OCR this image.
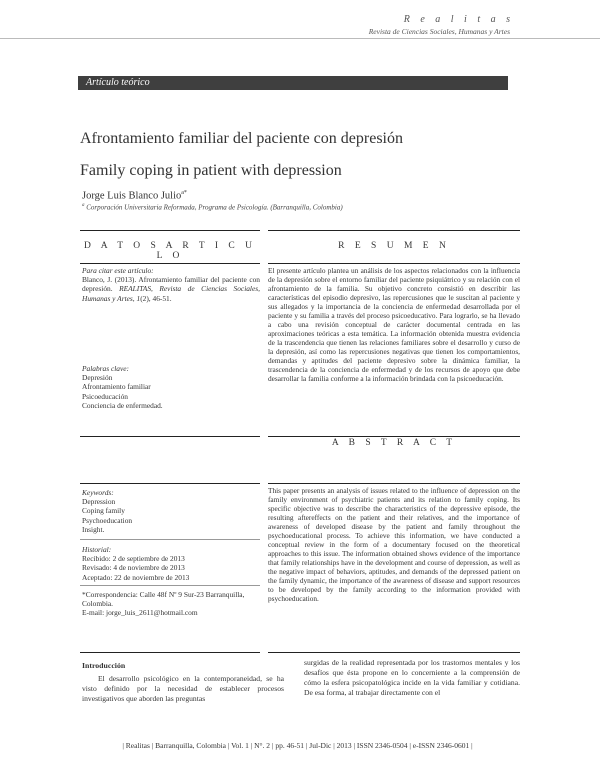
R e a l i t a s
Revista de Ciencias Sociales, Humanas y Artes
Artículo teórico
Afrontamiento familiar del paciente con depresión
Family coping in patient with depression
Jorge Luis Blanco Julio$^{a*}$
$^a$ Corporación Universitaria Reformada, Programa de Psicología. (Barranquilla, Colombia)
D A T O S A R T I C U L O
Para citar este artículo:
Blanco, J. (2013). Afrontamiento familiar del paciente con depresión. REALITAS, Revista de Ciencias Sociales, Humanas y Artes, 1(2), 46-51.
Palabras clave:
Depresión
Afrontamiento familiar
Psicoeducación
Conciencia de enfermedad.
R E S U M E N
El presente artículo plantea un análisis de los aspectos relacionados con la influencia de la depresión sobre el entorno familiar del paciente psiquiátrico y su relación con el afrontamiento de la familia. Su objetivo concreto consistió en describir las características del episodio depresivo, las repercusiones que le suscitan al paciente y sus allegados y la importancia de la conciencia de enfermedad desarrollada por el paciente y su familia a través del proceso psicoeducativo. Para lograrlo, se ha llevado a cabo una revisión conceptual de carácter documental centrada en las aproximaciones teóricas a esta temática. La información obtenida muestra evidencia de la trascendencia que tienen las relaciones familiares sobre el desarrollo y curso de la depresión, así como las repercusiones negativas que tienen los comportamientos, demandas y aptitudes del paciente depresivo sobre la dinámica familiar, la trascendencia de la conciencia de enfermedad y de los recursos de apoyo que debe desarrollar la familia conforme a la información brindada con la psicoeducación.
A B S T R A C T
This paper presents an analysis of issues related to the influence of depression on the family environment of psychiatric patients and its relation to family coping. Its specific objective was to describe the characteristics of the depressive episode, the resulting aftereffects on the patient and their relatives, and the importance of awareness of developed disease by the patient and family throughout the psychoeducational process. To achieve this information, we have conducted a conceptual review in the form of a documentary focused on the theoretical approaches to this issue. The information obtained shows evidence of the importance that family relationships have in the development and course of depression, as well as the negative impact of behaviors, aptitudes, and demands of the depressed patient on the family dynamic, the importance of the awareness of disease and support resources to be developed by the family according to the information provided with psychoeducation.
Keywords:
Depression
Coping family
Psychoeducation
Insight.
Historial:
Recibido: 2 de septiembre de 2013
Revisado: 4 de noviembre de 2013
Aceptado: 22 de noviembre de 2013
*Correspondencia: Calle 48f Nº 9 Sur-23 Barranquilla, Colombia.
E-mail: jorge_luis_2611@hotmail.com
Introducción
El desarrollo psicológico en la contemporaneidad, se ha visto definido por la necesidad de establecer procesos investigativos que aborden las preguntas
surgidas de la realidad representada por los trastornos mentales y los desafíos que ésta propone en lo concerniente a la comprensión de cómo la esfera psicopatológica incide en la vida familiar y cotidiana. De esa forma, al trabajar directamente con el
| Realitas | Barranquilla, Colombia | Vol. 1 | N°. 2 | pp. 46-51 | Jul-Dic | 2013 | ISSN 2346-0504 | e-ISSN 2346-0601 |
